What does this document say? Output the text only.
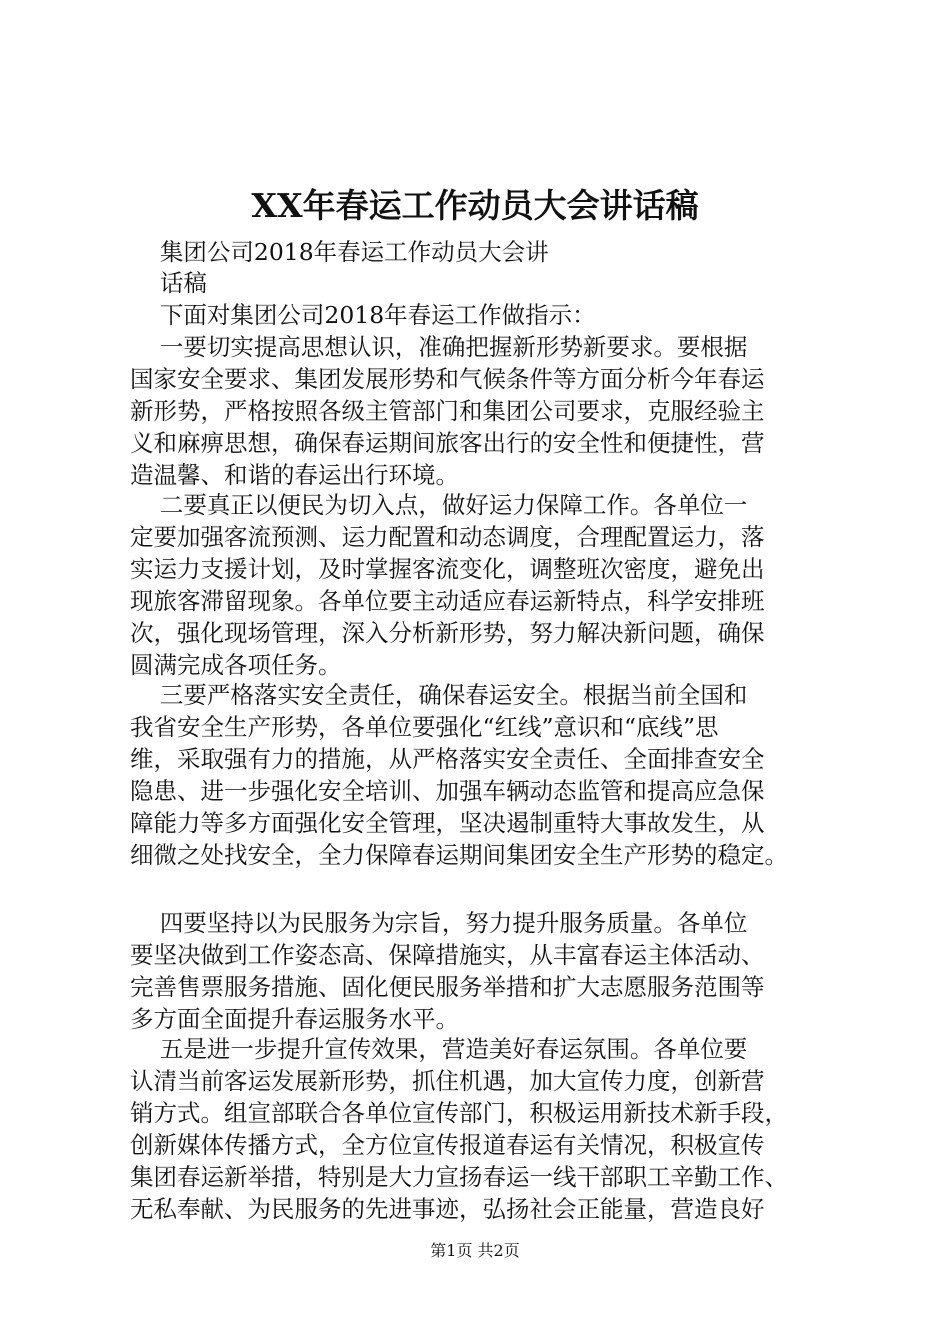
XX年春运工作动员大会讲话稿
集团公司2018年春运工作动员大会讲
话稿
下面对集团公司2018年春运工作做指示：
一要切实提高思想认识，准确把握新形势新要求。要根据
国家安全要求、集团发展形势和气候条件等方面分析今年春运
新形势，严格按照各级主管部门和集团公司要求，克服经验主
义和麻痹思想，确保春运期间旅客出行的安全性和便捷性，营
造温馨、和谐的春运出行环境。
二要真正以便民为切入点，做好运力保障工作。各单位一
定要加强客流预测、运力配置和动态调度，合理配置运力，落
实运力支援计划，及时掌握客流变化，调整班次密度，避免出
现旅客滞留现象。各单位要主动适应春运新特点，科学安排班
次，强化现场管理，深入分析新形势，努力解决新问题，确保
圆满完成各项任务。
三要严格落实安全责任，确保春运安全。根据当前全国和
我省安全生产形势，各单位要强化“红线”意识和“底线”思
维，采取强有力的措施，从严格落实安全责任、全面排查安全
隐患、进一步强化安全培训、加强车辆动态监管和提高应急保
障能力等多方面强化安全管理，坚决遏制重特大事故发生，从
细微之处找安全，全力保障春运期间集团安全生产形势的稳定。
四要坚持以为民服务为宗旨，努力提升服务质量。各单位
要坚决做到工作姿态高、保障措施实，从丰富春运主体活动、
完善售票服务措施、固化便民服务举措和扩大志愿服务范围等
多方面全面提升春运服务水平。
五是进一步提升宣传效果，营造美好春运氛围。各单位要
认清当前客运发展新形势，抓住机遇，加大宣传力度，创新营
销方式。组宣部联合各单位宣传部门，积极运用新技术新手段，
创新媒体传播方式，全方位宣传报道春运有关情况，积极宣传
集团春运新举措，特别是大力宣扬春运一线干部职工辛勤工作、
无私奉献、为民服务的先进事迹，弘扬社会正能量，营造良好
第1页 共2页
